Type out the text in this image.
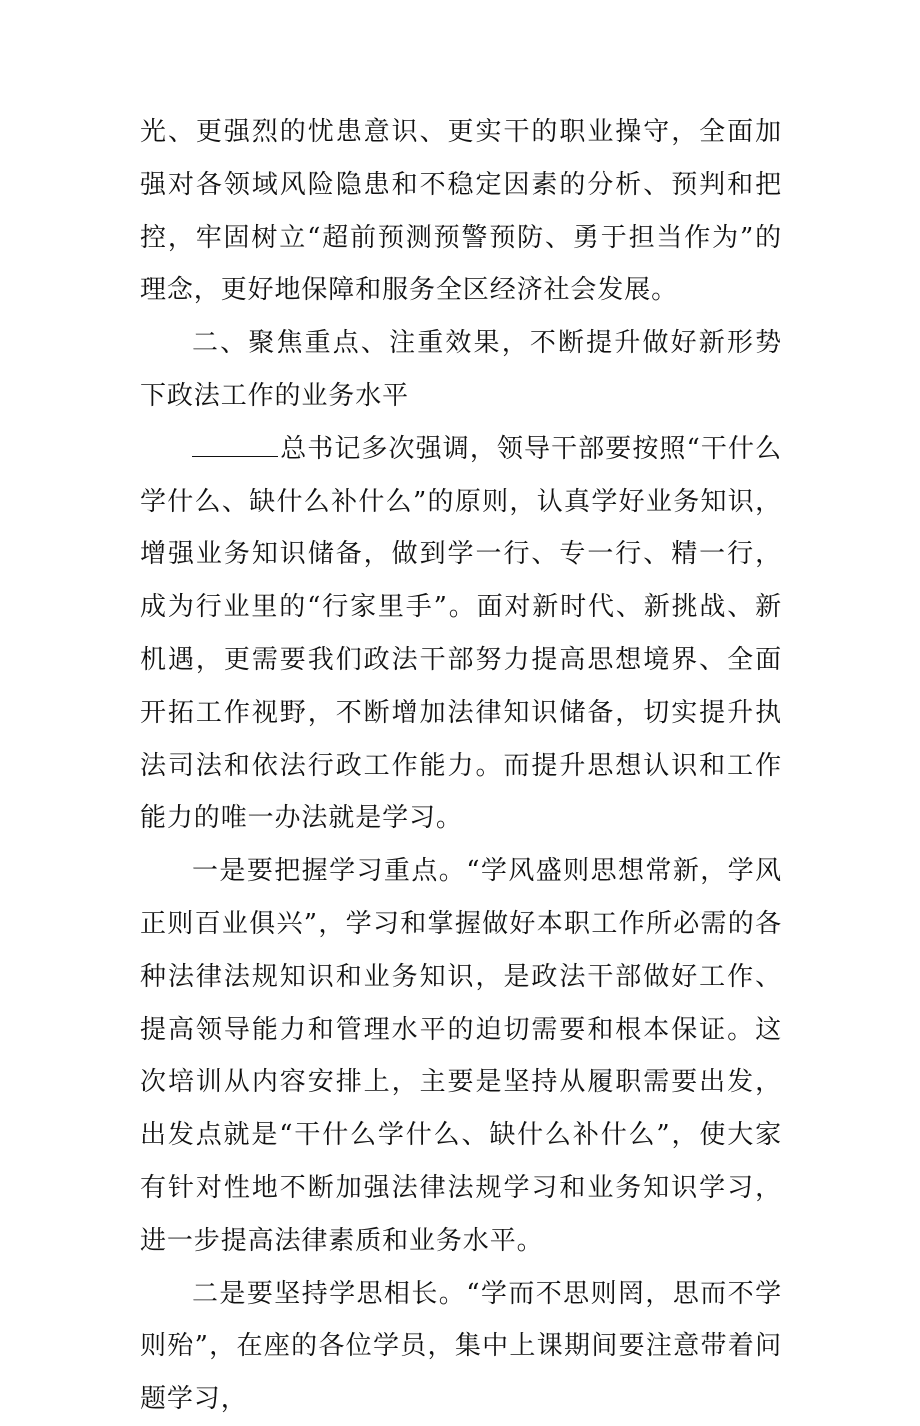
光、更强烈的忧患意识、更实干的职业操守，全面加强对各领域风险隐患和不稳定因素的分析、预判和把控，牢固树立“超前预测预警预防、勇于担当作为”的理念，更好地保障和服务全区经济社会发展。

二、聚焦重点、注重效果，不断提升做好新形势下政法工作的业务水平

总书记多次强调，领导干部要按照“干什么学什么、缺什么补什么”的原则，认真学好业务知识，增强业务知识储备，做到学一行、专一行、精一行，成为行业里的“行家里手”。面对新时代、新挑战、新机遇，更需要我们政法干部努力提高思想境界、全面开拓工作视野，不断增加法律知识储备，切实提升执法司法和依法行政工作能力。而提升思想认识和工作能力的唯一办法就是学习。

一是要把握学习重点。“学风盛则思想常新，学风正则百业俱兴”，学习和掌握做好本职工作所必需的各种法律法规知识和业务知识，是政法干部做好工作、提高领导能力和管理水平的迫切需要和根本保证。这次培训从内容安排上，主要是坚持从履职需要出发，出发点就是“干什么学什么、缺什么补什么”，使大家有针对性地不断加强法律法规学习和业务知识学习，进一步提高法律素质和业务水平。

二是要坚持学思相长。“学而不思则罔，思而不学则殆”，在座的各位学员，集中上课期间要注意带着问题学习，
